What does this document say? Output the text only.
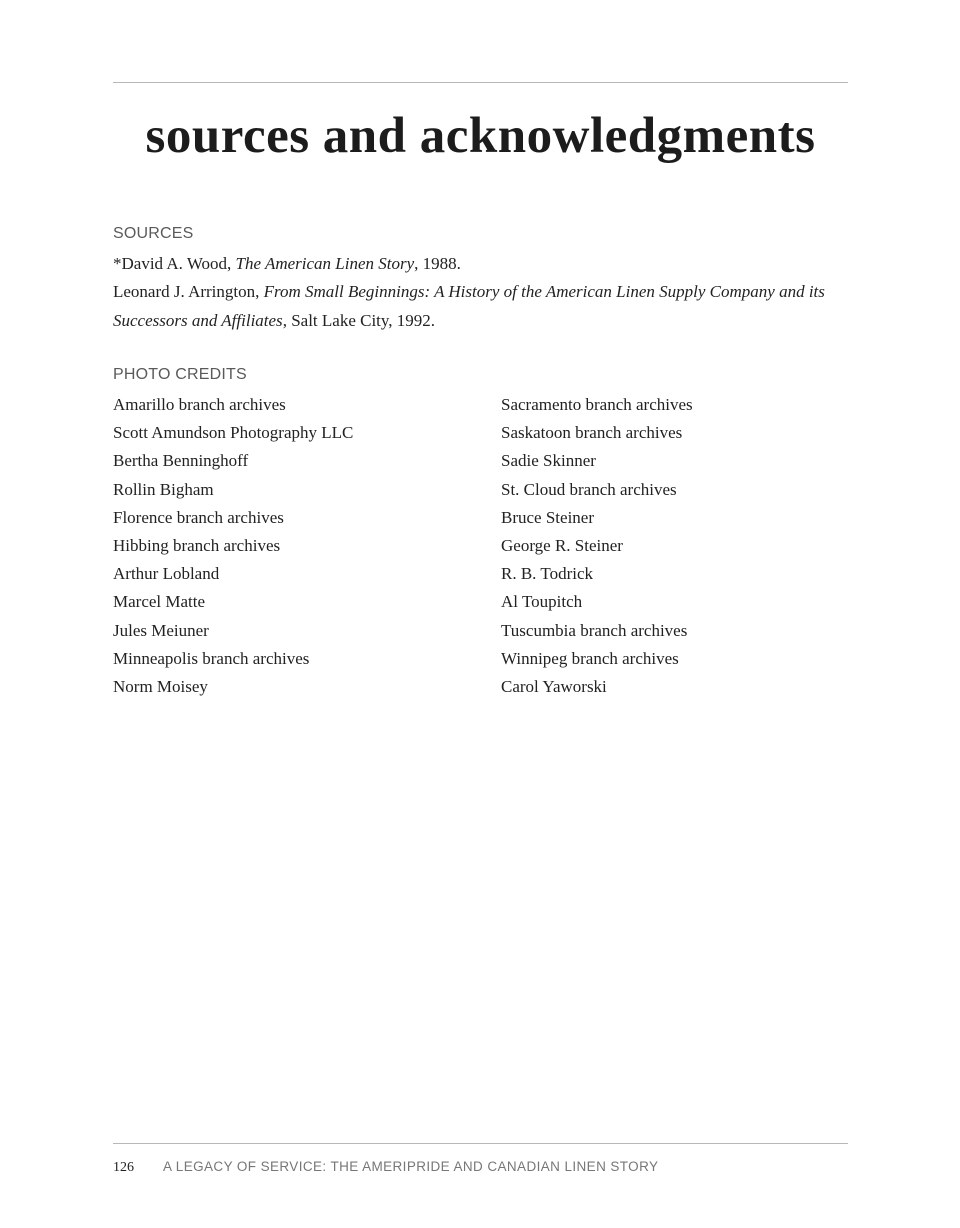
sources and acknowledgments
SOURCES

*David A. Wood, The American Linen Story, 1988.

Leonard J. Arrington, From Small Beginnings: A History of the American Linen Supply Company and its Successors and Affiliates, Salt Lake City, 1992.

PHOTO CREDITS
Amarillo branch archives
Scott Amundson Photography LLC
Bertha Benninghoff
Rollin Bigham
Florence branch archives
Hibbing branch archives
Arthur Lobland
Marcel Matte
Jules Meiuner
Minneapolis branch archives
Norm Moisey
Sacramento branch archives
Saskatoon branch archives
Sadie Skinner
St. Cloud branch archives
Bruce Steiner
George R. Steiner
R. B. Todrick
Al Toupitch
Tuscumbia branch archives
Winnipeg branch archives
Carol Yaworski
126 A LEGACY OF SERVICE: THE AMERIPRIDE AND CANADIAN LINEN STORY
